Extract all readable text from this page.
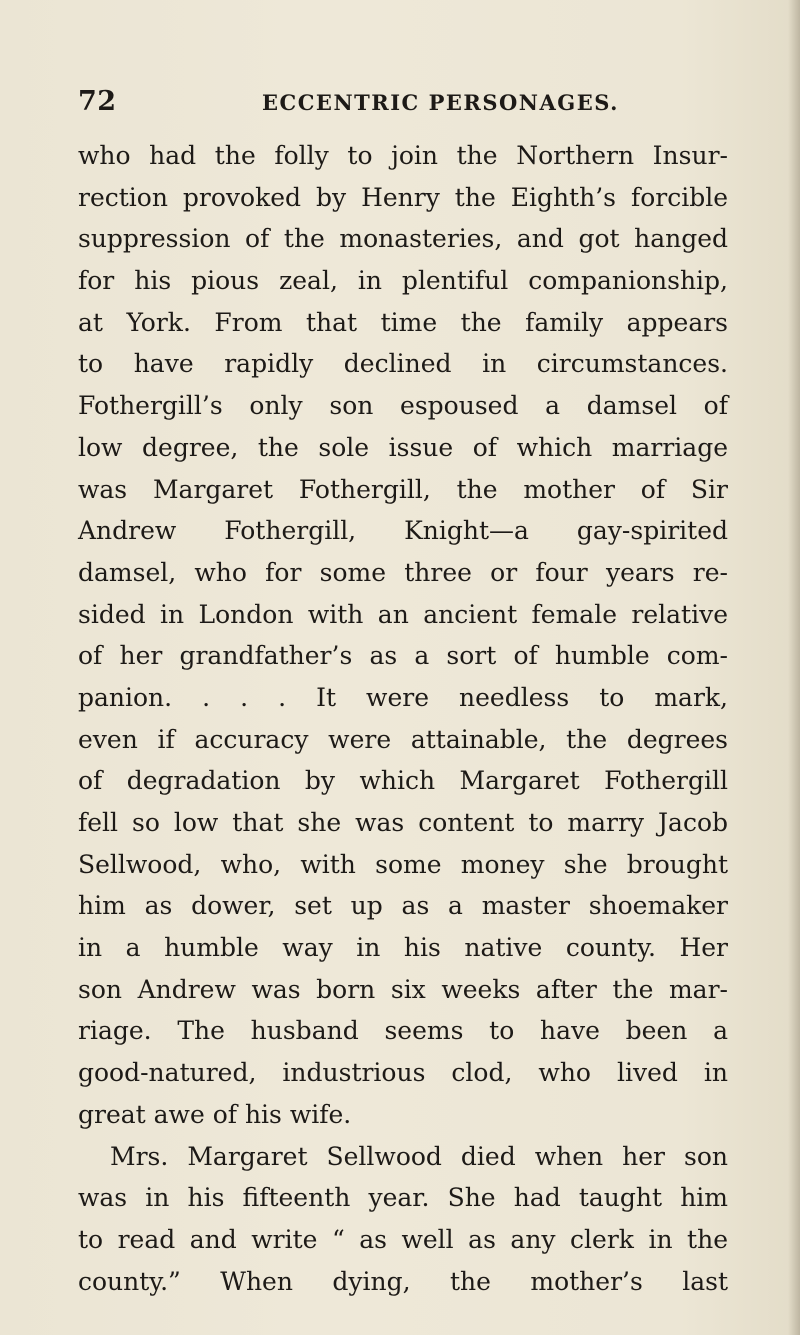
72	ECCENTRIC PERSONAGES.
who had the folly to join the Northern Insur-
rection provoked by Henry the Eighth’s forcible
suppression of the monasteries, and got hanged
for his pious zeal, in plentiful companionship,
at York. From that time the family appears
to have rapidly declined in circumstances.
Fothergill’s only son espoused a damsel of
low degree, the sole issue of which marriage
was Margaret Fothergill, the mother of Sir
Andrew Fothergill, Knight—a gay-spirited
damsel, who for some three or four years re-
sided in London with an ancient female relative
of her grandfather’s as a sort of humble com-
panion. . . . It were needless to mark,
even if accuracy were attainable, the degrees
of degradation by which Margaret Fothergill
fell so low that she was content to marry Jacob
Sellwood, who, with some money she brought
him as dower, set up as a master shoemaker
in a humble way in his native county. Her
son Andrew was born six weeks after the mar-
riage. The husband seems to have been a
good-natured, industrious clod, who lived in
great awe of his wife.
Mrs. Margaret Sellwood died when her son
was in his fifteenth year. She had taught him
to read and write “ as well as any clerk in the
county.” When dying, the mother’s last
